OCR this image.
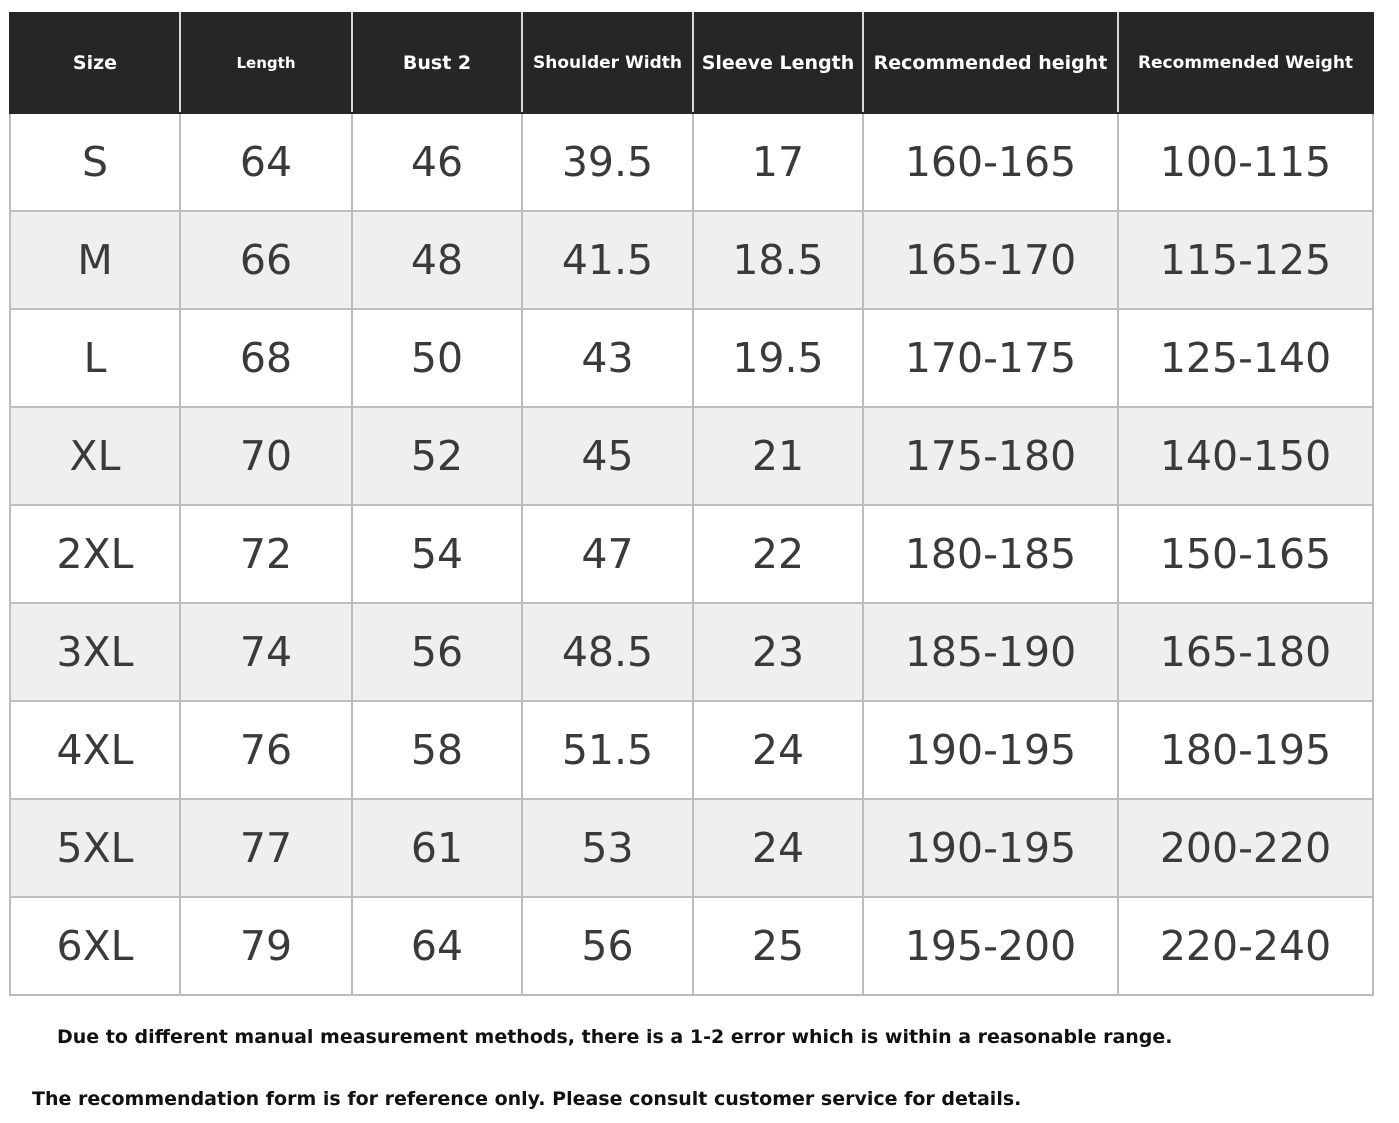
Size	Length	Bust 2	Shoulder Width	Sleeve Length	Recommended height	Recommended Weight
S	64	46	39.5	17	160-165	100-115
M	66	48	41.5	18.5	165-170	115-125
L	68	50	43	19.5	170-175	125-140
XL	70	52	45	21	175-180	140-150
2XL	72	54	47	22	180-185	150-165
3XL	74	56	48.5	23	185-190	165-180
4XL	76	58	51.5	24	190-195	180-195
5XL	77	61	53	24	190-195	200-220
6XL	79	64	56	25	195-200	220-240
Due to different manual measurement methods, there is a 1-2 error which is within a reasonable range.
The recommendation form is for reference only. Please consult customer service for details.
